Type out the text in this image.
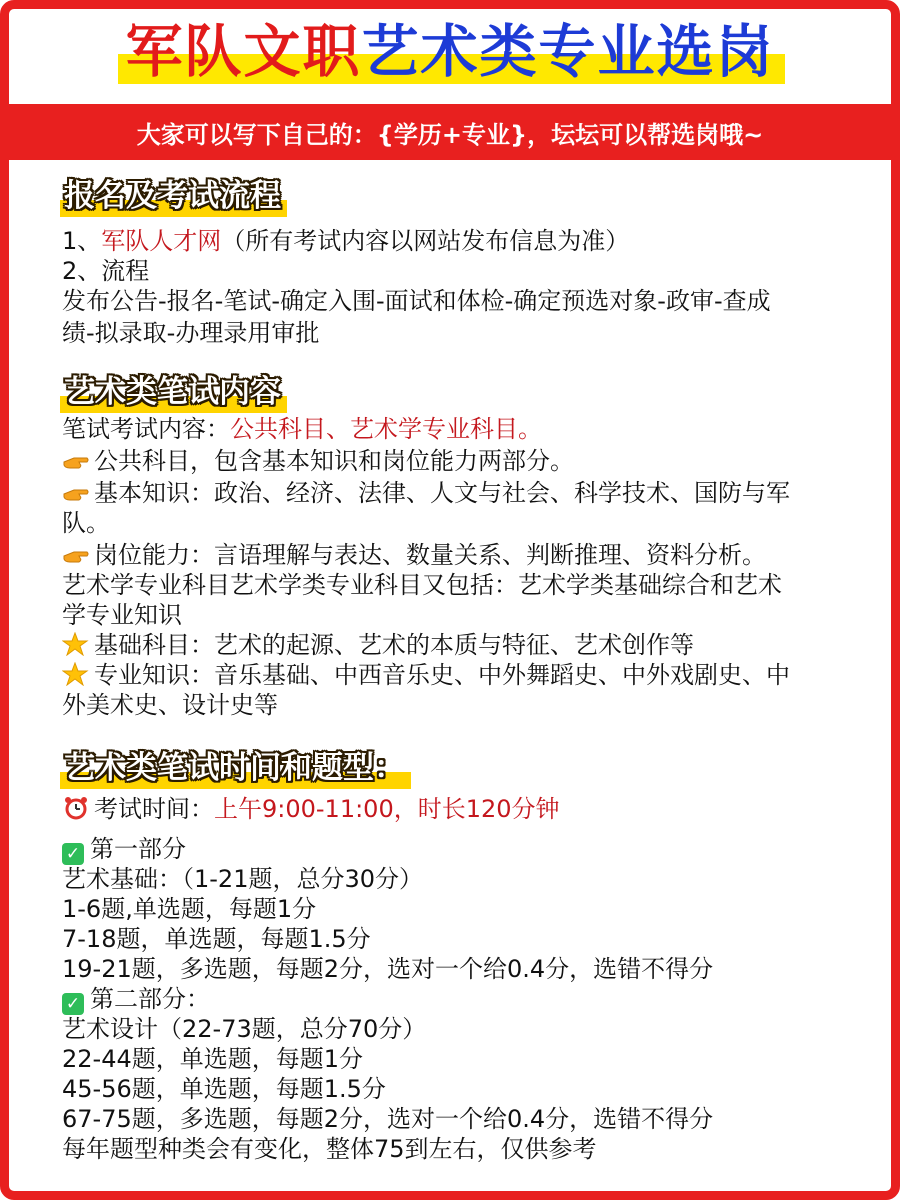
军队文职艺术类专业选岗
大家可以写下自己的：{学历+专业}，坛坛可以帮选岗哦~
报名及考试流程
1、军队人才网（所有考试内容以网站发布信息为准）
2、流程
发布公告-报名-笔试-确定入围-面试和体检-确定预选对象-政审-查成
绩-拟录取-办理录用审批
艺术类笔试内容
笔试考试内容：公共科目、艺术学专业科目。
公共科目，包含基本知识和岗位能力两部分。
基本知识：政治、经济、法律、人文与社会、科学技术、国防与军
队。
岗位能力：言语理解与表达、数量关系、判断推理、资料分析。
艺术学专业科目艺术学类专业科目又包括：艺术学类基础综合和艺术
学专业知识
基础科目：艺术的起源、艺术的本质与特征、艺术创作等
专业知识：音乐基础、中西音乐史、中外舞蹈史、中外戏剧史、中
外美术史、设计史等
艺术类笔试时间和题型：
考试时间：上午9:00-11:00，时长120分钟
✓ 第一部分
艺术基础：（1-21题，总分30分）
1-6题,单选题，每题1分
7-18题，单选题，每题1.5分
19-21题，多选题，每题2分，选对一个给0.4分，选错不得分
✓ 第二部分：
艺术设计（22-73题，总分70分）
22-44题，单选题，每题1分
45-56题，单选题，每题1.5分
67-75题，多选题，每题2分，选对一个给0.4分，选错不得分
每年题型种类会有变化，整体75到左右，仅供参考
